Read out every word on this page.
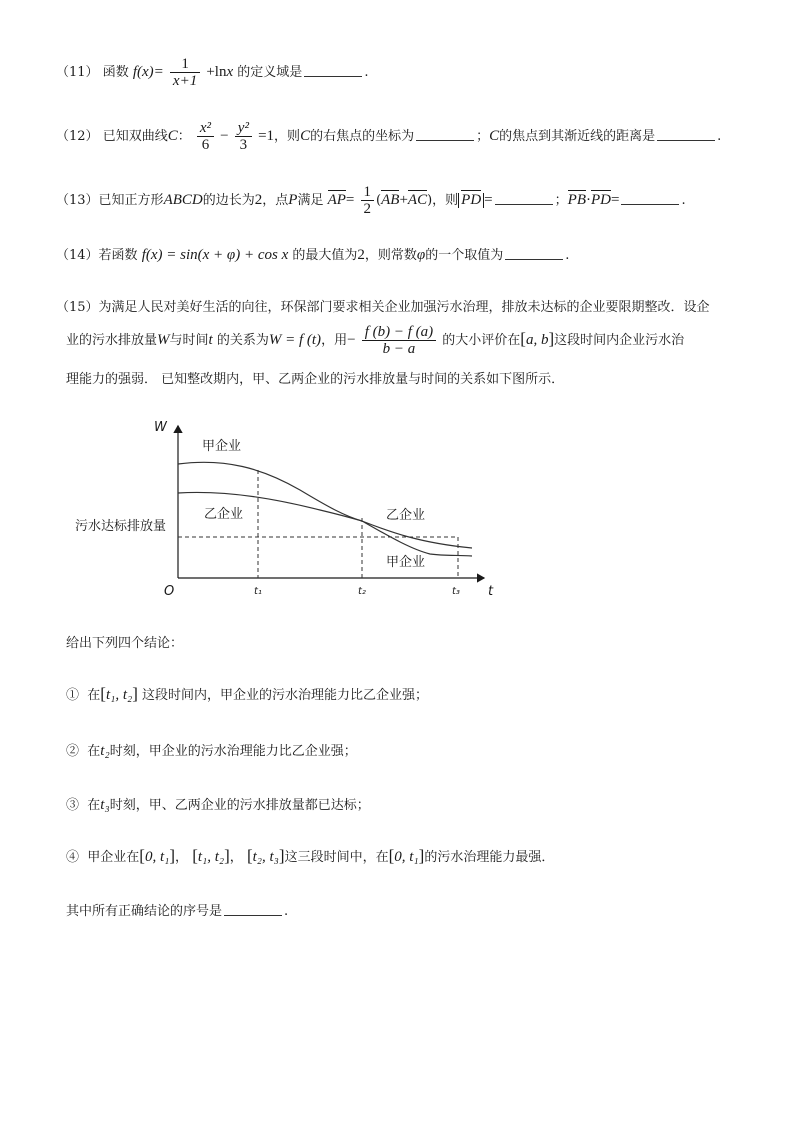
（11） 函数 $f(x)= \frac{1}{x+1} +\ln x$ 的定义域是	.
（12） 已知双曲线C： $\frac{\text{x²}}{6} - \frac{\text{y²}}{3} =1$，则C的右焦点的坐标为	；C的焦点到其渐近线的距离是	.
（13）已知正方形ABCD的边长为2，点P满足 $AP= \frac{1}{2} (AB+AC)$，则 PD =	；PB·PD=	.
（14）若函数 f(x) = sin(x + φ) + cos x 的最大值为2，则常数φ的一个取值为	.
（15）为满足人民对美好生活的向往，环保部门要求相关企业加强污水治理，排放未达标的企业要限期整改．设企
业的污水排放量W与时间t 的关系为W = f (t)，用− $\frac{f (b) - f (a)}{b - a}$ 的大小评价在[a, b]这段时间内企业污水治
理能力的强弱． 已知整改期内，甲、乙两企业的污水排放量与时间的关系如下图所示．
W
t
O	t₁	t₂	t₃
甲企业
乙企业	乙企业
甲企业
污水达标排放量
给出下列四个结论：
① 在[t₁, t₂] 这段时间内，甲企业的污水治理能力比乙企业强；
② 在t₂时刻，甲企业的污水治理能力比乙企业强；
③ 在t₃时刻，甲、乙两企业的污水排放量都已达标；
④ 甲企业在[0, t₁]， [t₁, t₂]， [t₂, t₃]这三段时间中，在[0, t₁]的污水治理能力最强．
其中所有正确结论的序号是	.
